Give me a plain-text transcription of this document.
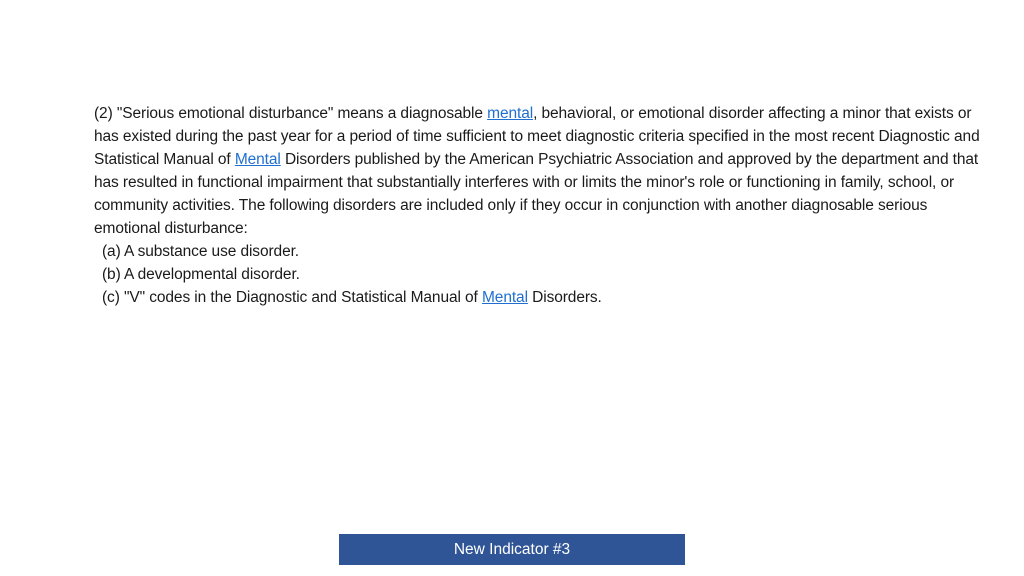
(2) "Serious emotional disturbance" means a diagnosable mental, behavioral, or emotional disorder affecting a minor that exists or has existed during the past year for a period of time sufficient to meet diagnostic criteria specified in the most recent Diagnostic and Statistical Manual of Mental Disorders published by the American Psychiatric Association and approved by the department and that has resulted in functional impairment that substantially interferes with or limits the minor's role or functioning in family, school, or community activities. The following disorders are included only if they occur in conjunction with another diagnosable serious emotional disturbance:

(a) A substance use disorder.

(b) A developmental disorder.

(c) "V" codes in the Diagnostic and Statistical Manual of Mental Disorders.

New Indicator #3
